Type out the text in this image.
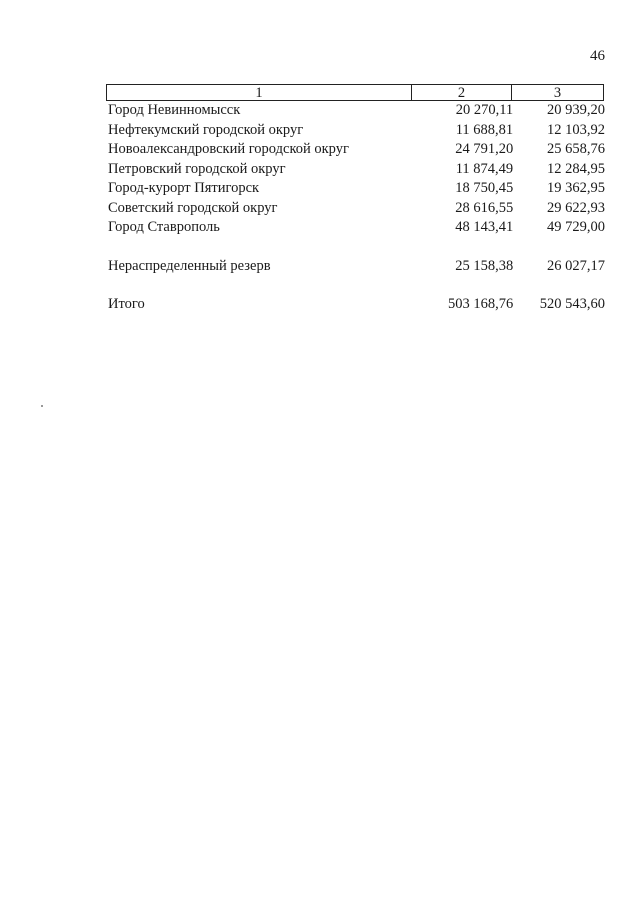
46
1	2	3
Город Невинномысск	20 270,11	20 939,20
Нефтекумский городской округ	11 688,81	12 103,92
Новоалександровский городской округ	24 791,20	25 658,76
Петровский городской округ	11 874,49	12 284,95
Город-курорт Пятигорск	18 750,45	19 362,95
Советский городской округ	28 616,55	29 622,93
Город Ставрополь	48 143,41	49 729,00
Нераспределенный резерв	25 158,38	26 027,17
Итого	503 168,76	520 543,60
